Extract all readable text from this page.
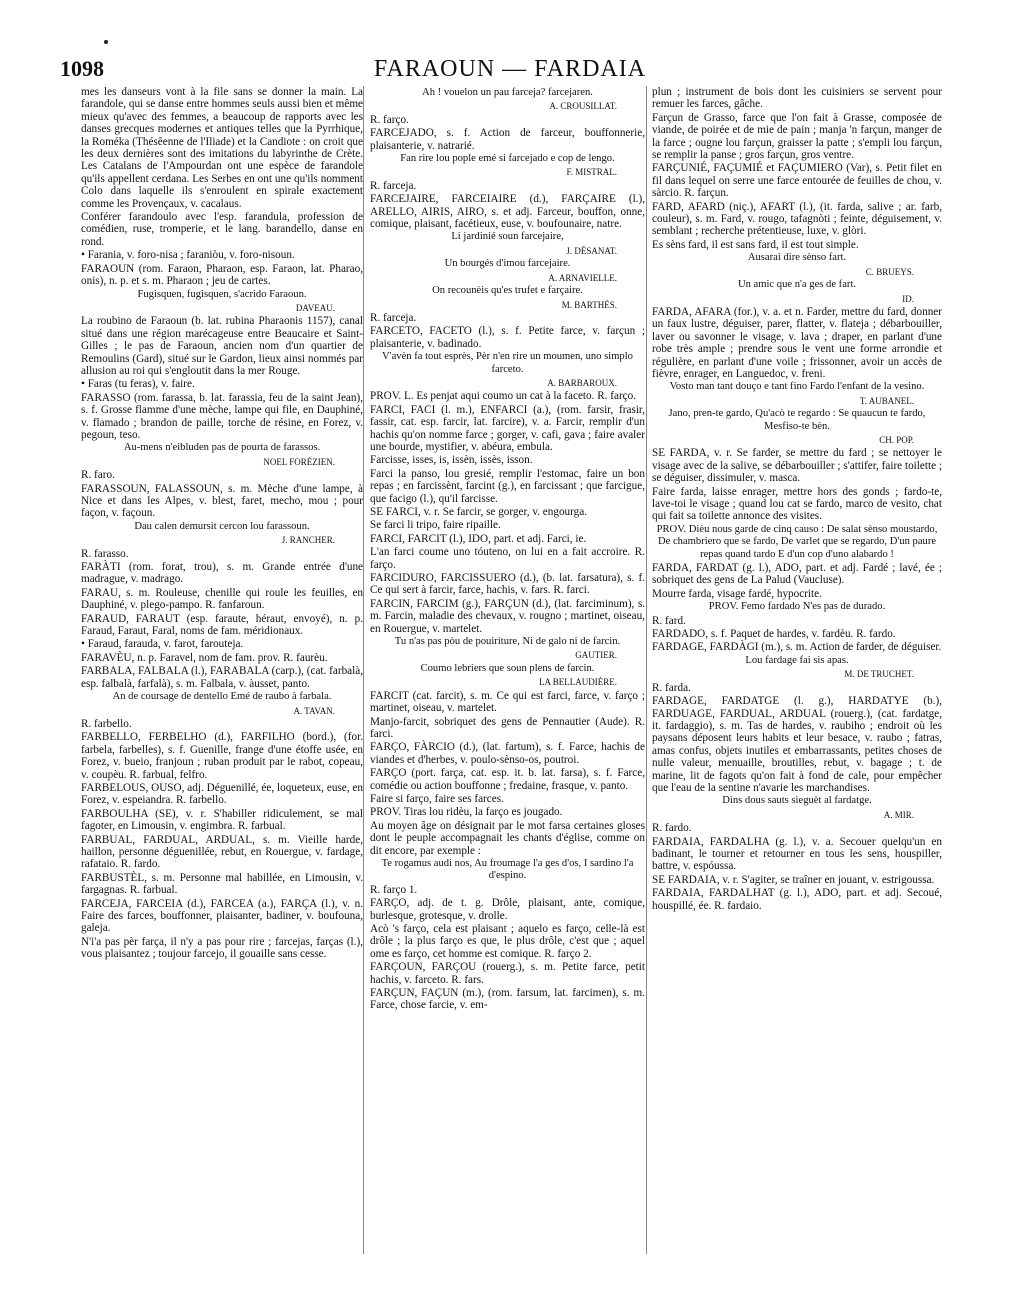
1098	FARAOUN — FARDAIA
mes les danseurs vont à la file sans se donner la main. La farandole, qui se danse entre hommes seuls aussi bien et même mieux qu'avec des femmes, a beaucoup de rapports avec les danses grecques modernes et antiques telles que la Pyrrhique, la Roméka (Thésêenne de l'Iliade) et la Candiote : on croit que les deux dernières sont des imitations du labyrinthe de Crète. Les Catalans de l'Ampourdan ont une espèce de farandole qu'ils appellent cerdana. Les Serbes en ont une qu'ils nomment Colo dans laquelle ils s'enroulent en spirale exactement comme les Provençaux, v. cacalaus.
Conférer farandoulo avec l'esp. farandula, profession de comédien, ruse, tromperie, et le lang. barandello, danse en rond.
• Farania, v. foro-nisa ; faraniòu, v. foro-nisoun.
FARAOUN (rom. Faraon, Pharaon, esp. Faraon, lat. Pharao, onis), n. p. et s. m. Pharaon ; jeu de cartes.
Fugisquen, fugisquen, s'acrido Faraoun.
DAVEAU.
La roubino de Faraoun (b. lat. rubina Pharaonis 1157), canal situé dans une région marécageuse entre Beaucaire et Saint-Gilles ; le pas de Faraoun, ancien nom d'un quartier de Remoulins (Gard), situé sur le Gardon, lieux ainsi nommés par allusion au roi qui s'engloutit dans la mer Rouge.
• Faras (tu feras), v. faire.
FARASSO (rom. farassa, b. lat. farassia, feu de la saint Jean), s. f. Grosse flamme d'une mèche, lampe qui file, en Dauphiné, v. flamado ; brandon de paille, torche de résine, en Forez, v. pegoun, teso.
Au-mens n'eibluden pas de pourta de farassos.
NOEL FORÉZIEN.
R. faro.
FARASSOUN, FALASSOUN, s. m. Mèche d'une lampe, à Nice et dans les Alpes, v. blest, faret, mecho, mou ; pour façon, v. façoun.
Dau calen demursit cercon lou farassoun.
J. RANCHER.
R. farasso.
FARÀTI (rom. forat, trou), s. m. Grande entrée d'une madrague, v. madrago.
FARAU, s. m. Rouleuse, chenille qui roule les feuilles, en Dauphiné, v. plego-pampo. R. fanfaroun.
FARAUD, FARAUT (esp. faraute, héraut, envoyé), n. p. Faraud, Faraut, Faral, noms de fam. méridionaux.
• Faraud, farauda, v. farot, farouteja.
FARAVÈU, n. p. Faravel, nom de fam. prov. R. faurèu.
FARBALA, FALBALA (l.), FARABALA (carp.), (cat. farbalà, esp. falbalà, farfalà), s. m. Falbala, v. àusset, panto.
An de coursage de dentello Emé de raubo à farbala.
A. TAVAN.
R. farbello.
FARBELLO, FERBELHO (d.), FARFILHO (bord.), (for. farbela, farbelles), s. f. Guenille, frange d'une étoffe usée, en Forez, v. bueio, franjoun ; ruban produit par le rabot, copeau, v. coupèu. R. farbual, felfro.
FARBELOUS, OUSO, adj. Déguenillé, ée, loqueteux, euse, en Forez, v. espeiandra. R. farbello.
FARBOULHA (SE), v. r. S'habiller ridiculement, se mal fagoter, en Limousin, v. engimbra. R. farbual.
FARBUAL, FARDUAL, ARDUAL, s. m. Vieille harde, haillon, personne déguenillée, rebut, en Rouergue, v. fardage, rafataio. R. fardo.
FARBUSTÈL, s. m. Personne mal habillée, en Limousin, v. fargagnas. R. farbual.
FARCEJA, FARCEIA (d.), FARCEA (a.), FARÇA (l.), v. n. Faire des farces, bouffonner, plaisanter, badiner, v. boufouna, galeja.
N'i'a pas pèr farça, il n'y a pas pour rire ; farcejas, farças (l.), vous plaisantez ; toujour farcejo, il gouaille sans cesse.
Ah ! vouelon un pau farceja? farcejaren.
A. CROUSILLAT.
R. farço.
FARCEJADO, s. f. Action de farceur, bouffonnerie, plaisanterie, v. natrarié.
Fan rire lou pople emé si farcejado e cop de lengo.
F. MISTRAL.
R. farceja.
FARCEJAIRE, FARCEIAIRE (d.), FARÇAIRE (l.), ARELLO, AIRIS, AIRO, s. et adj. Farceur, bouffon, onne, comique, plaisant, facétieux, euse, v. boufounaire, natre.
Li jardinié soun farcejaire,
J. DÉSANAT.
Un bourgés d'imou farcejaire.
A. ARNAVIELLE.
On recounèis qu'es trufet e farçaire.
M. BARTHÉS.
R. farceja.
FARCETO, FACETO (l.), s. f. Petite farce, v. farçun ; plaisanterie, v. badinado.
V'avèn fa tout esprès, Pèr n'en rire un moumen, uno simplo farceto.
A. BARBAROUX.
PROV. L. Es penjat aqui coumo un cat à la faceto. R. farço.
FARCI, FACI (l. m.), ENFARCI (a.), (rom. farsir, frasir, fassir, cat. esp. farcir, lat. farcire), v. a. Farcir, remplir d'un hachis qu'on nomme farce ; gorger, v. cafi, gava ; faire avaler une bourde, mystifier, v. abéura, embula.
Farcisse, isses, is, issèn, issès, isson.
Farci la panso, lou gresié, remplir l'estomac, faire un bon repas ; en farcissènt, farcint (g.), en farcissant ; que farcigue, que facigo (l.), qu'il farcisse.
SE FARCI, v. r. Se farcir, se gorger, v. engourga.
Se farci li tripo, faire ripaille.
FARCI, FARCIT (l.), IDO, part. et adj. Farci, ie.
L'an farci coume uno tóuteno, on lui en a fait accroire. R. farço.
FARCIDURO, FARCISSUERO (d.), (b. lat. farsatura), s. f. Ce qui sert à farcir, farce, hachis, v. fars. R. farci.
FARCIN, FARCIM (g.), FARÇUN (d.), (lat. farciminum), s. m. Farcin, maladie des chevaux, v. rougno ; martinet, oiseau, en Rouergue, v. martelet.
Tu n'as pas pòu de pouiriture, Ni de galo ni de farcin.
GAUTIER.
Coumo lebriers que soun plens de farcin.
LA BELLAUDIÈRE.
FARCIT (cat. farcit), s. m. Ce qui est farci, farce, v. farço ; martinet, oiseau, v. martelet.
Manjo-farcit, sobriquet des gens de Pennautier (Aude). R. farci.
FARÇO, FÀRCIO (d.), (lat. fartum), s. f. Farce, hachis de viandes et d'herbes, v. poulo-sènso-os, poutroi.
FARÇO (port. farça, cat. esp. it. b. lat. farsa), s. f. Farce, comédie ou action bouffonne ; fredaine, frasque, v. panto.
Faire si farço, faire ses farces.
PROV. Tiras lou ridèu, la farço es jougado.
Au moyen âge on désignait par le mot farsa certaines gloses dont le peuple accompagnait les chants d'église, comme on dit encore, par exemple :
Te rogamus audi nos, Au froumage l'a ges d'os, I sardino l'a d'espino.
R. farço 1.
FARÇO, adj. de t. g. Drôle, plaisant, ante, comique, burlesque, grotesque, v. drolle.
Acò 's farço, cela est plaisant ; aquelo es farço, celle-là est drôle ; la plus farço es que, le plus drôle, c'est que ; aquel ome es farço, cet homme est comique. R. farço 2.
FARÇOUN, FARÇOU (rouerg.), s. m. Petite farce, petit hachis, v. farceto. R. fars.
FARÇUN, FAÇUN (m.), (rom. farsum, lat. farcimen), s. m. Farce, chose farcie, v. em-
plun ; instrument de bois dont les cuisiniers se servent pour remuer les farces, gâche.
Farçun de Grasso, farce que l'on fait à Grasse, composée de viande, de poirée et de mie de pain ; manja 'n farçun, manger de la farce ; ougne lou farçun, graisser la patte ; s'empli lou farçun, se remplir la panse ; gros farçun, gros ventre.
FARÇUNIÉ, FAÇUMIÉ et FAÇUMIERO (Var), s. Petit filet en fil dans lequel on serre une farce entourée de feuilles de chou, v. sàrcio. R. farçun.
FARD, AFARD (niç.), AFART (l.), (it. farda, salive ; ar. farb, couleur), s. m. Fard, v. rougo, tafagnòti ; feinte, déguisement, v. semblant ; recherche prétentieuse, luxe, v. glòri.
Es sèns fard, il est sans fard, il est tout simple.
Ausarai dire sènso fart.
C. BRUEYS.
Un amic que n'a ges de fart.
ID.
FARDA, AFARA (for.), v. a. et n. Farder, mettre du fard, donner un faux lustre, déguiser, parer, flatter, v. flateja ; débarbouiller, laver ou savonner le visage, v. lava ; draper, en parlant d'une robe très ample ; prendre sous le vent une forme arrondie et régulière, en parlant d'une voile ; frissonner, avoir un accès de fièvre, enrager, en Languedoc, v. freni.
Vosto man tant douço e tant fino Fardo l'enfant de la vesino.
T. AUBANEL.
Jano, pren-te gardo, Qu'acò te regardo : Se quaucun te fardo, Mesfiso-te bèn.
CH. POP.
SE FARDA, v. r. Se farder, se mettre du fard ; se nettoyer le visage avec de la salive, se débarbouiller ; s'attifer, faire toilette ; se déguiser, dissimuler, v. masca.
Faire farda, laisse enrager, mettre hors des gonds ; fardo-te, lave-toi le visage ; quand lou cat se fardo, marco de vesito, chat qui fait sa toilette annonce des visites.
PROV. Dièu nous garde de cinq causo : De salat sènso moustardo, De chambriero que se fardo, De varlet que se regardo, D'un paure repas quand tardo E d'un cop d'uno alabardo !
FARDA, FARDAT (g. l.), ADO, part. et adj. Fardé ; lavé, ée ; sobriquet des gens de La Palud (Vaucluse).
Mourre farda, visage fardé, hypocrite.
PROV. Femo fardado N'es pas de durado.
R. fard.
FARDADO, s. f. Paquet de hardes, v. fardèu. R. fardo.
FARDAGE, FARDÀGI (m.), s. m. Action de farder, de déguiser.
Lou fardage fai sis apas.
M. DE TRUCHET.
R. farda.
FARDAGE, FARDATGE (l. g.), HARDATYE (b.), FARDUAGE, FARDUAL, ARDUAL (rouerg.), (cat. fardatge, it. fardaggio), s. m. Tas de hardes, v. raubiho ; endroit où les paysans déposent leurs habits et leur besace, v. raubo ; fatras, amas confus, objets inutiles et embarrassants, petites choses de nulle valeur, menuaille, broutilles, rebut, v. bagage ; t. de marine, lit de fagots qu'on fait à fond de cale, pour empêcher que l'eau de la sentine n'avarie les marchandises.
Dins dous sauts sieguèt al fardatge.
A. MIR.
R. fardo.
FARDAIA, FARDALHA (g. l.), v. a. Secouer quelqu'un en badinant, le tourner et retourner en tous les sens, houspiller, battre, v. espóussa.
SE FARDAIA, v. r. S'agiter, se traîner en jouant, v. estrigoussa.
FARDAIA, FARDALHAT (g. l.), ADO, part. et adj. Secoué, houspillé, ée. R. fardaio.
